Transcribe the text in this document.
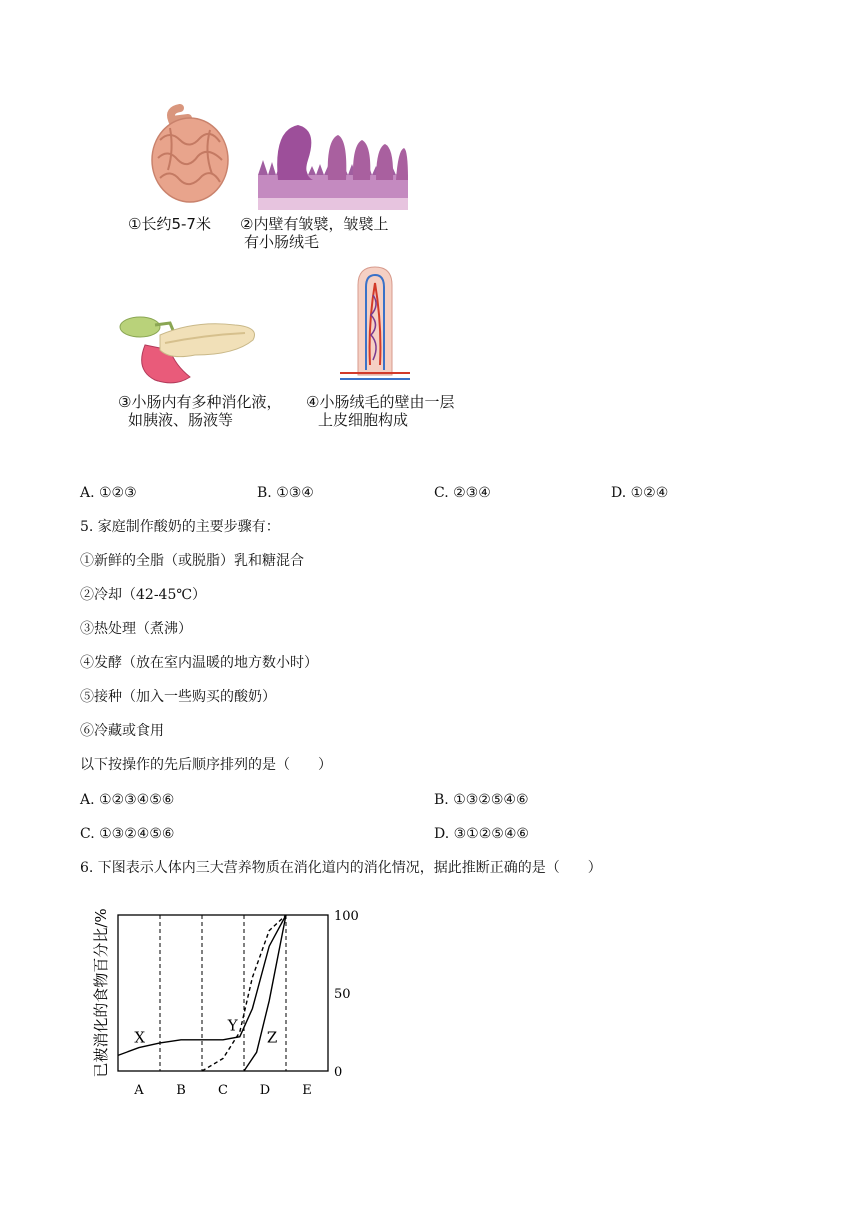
①长约5-7米 ②内壁有皱襞，皱襞上
有小肠绒毛
③小肠内有多种消化液，
如胰液、肠液等
④小肠绒毛的壁由一层
上皮细胞构成
A. ①②③	B. ①③④	C. ②③④	D. ①②④
5. 家庭制作酸奶的主要步骤有：
①新鲜的全脂（或脱脂）乳和糖混合
②冷却（42-45℃）
③热处理（煮沸）
④发酵（放在室内温暖的地方数小时）
⑤接种（加入一些购买的酸奶）
⑥冷藏或食用
以下按操作的先后顺序排列的是（　　）
A. ①②③④⑤⑥	B. ①③②⑤④⑥
C. ①③②④⑤⑥	D. ③①②⑤④⑥
6. 下图表示人体内三大营养物质在消化道内的消化情况，据此推断正确的是（　　）
A	B C D E
0
50
100
已被消化的食物百分比/% X
Y
Z
